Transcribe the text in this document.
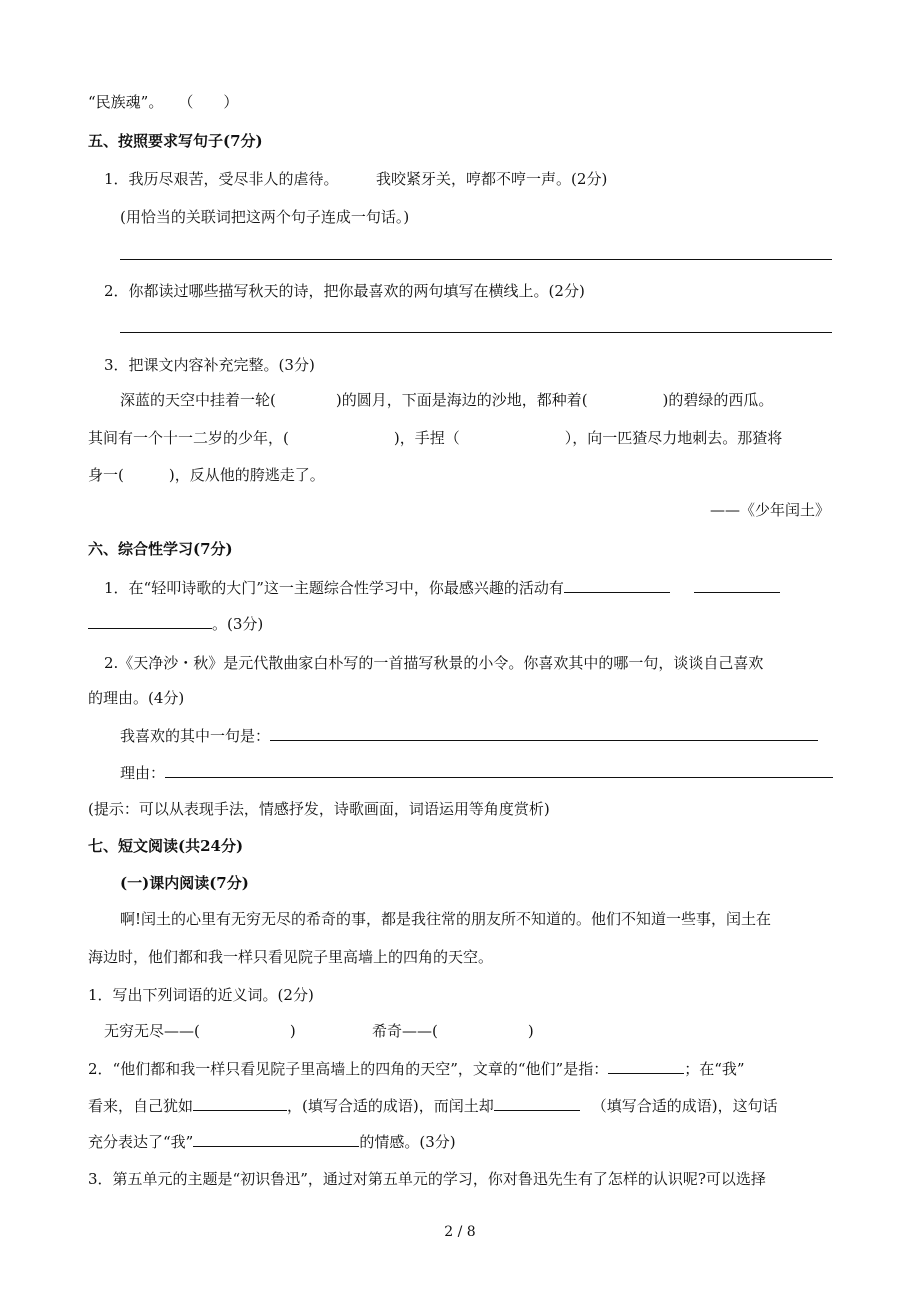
“民族魂”。　　（　　）
五、按照要求写句子(7分)
1．我历尽艰苦，受尽非人的虐待。　　　我咬紧牙关，哼都不哼一声。(2分)
(用恰当的关联词把这两个句子连成一句话。)
2．你都读过哪些描写秋天的诗，把你最喜欢的两句填写在横线上。(2分)
3．把课文内容补充完整。(3分)
深蓝的天空中挂着一轮(　　　　)的圆月，下面是海边的沙地，都种着(　　　　　)的碧绿的西瓜。
其间有一个十一二岁的少年，(　　　　　　　)，手捏（　　　　　　　），向一匹猹尽力地刺去。那猹将
身一(　　　)，反从他的胯逃走了。
——《少年闰土》
六、综合性学习(7分)
1．在“轻叩诗歌的大门”这一主题综合性学习中，你最感兴趣的活动有
。(3分)
2.《天净沙・秋》是元代散曲家白朴写的一首描写秋景的小令。你喜欢其中的哪一句，谈谈自己喜欢
的理由。(4分)
我喜欢的其中一句是：
理由：
(提示：可以从表现手法，情感抒发，诗歌画面，词语运用等角度赏析)
七、短文阅读(共24分)
(一)课内阅读(7分)
啊!闰土的心里有无穷无尽的希奇的事，都是我往常的朋友所不知道的。他们不知道一些事，闰土在
海边时，他们都和我一样只看见院子里高墙上的四角的天空。
1．写出下列词语的近义词。(2分)
无穷无尽——(　　　　　　)	希奇——(　　　　　　)
2．“他们都和我一样只看见院子里高墙上的四角的天空”，文章的“他们”是指：	；在“我”
看来，自己犹如	，(填写合适的成语)，而闰土却	（填写合适的成语)，这句话
充分表达了“我”	的情感。(3分)
3．第五单元的主题是“初识鲁迅”，通过对第五单元的学习，你对鲁迅先生有了怎样的认识呢?可以选择
2 / 8
